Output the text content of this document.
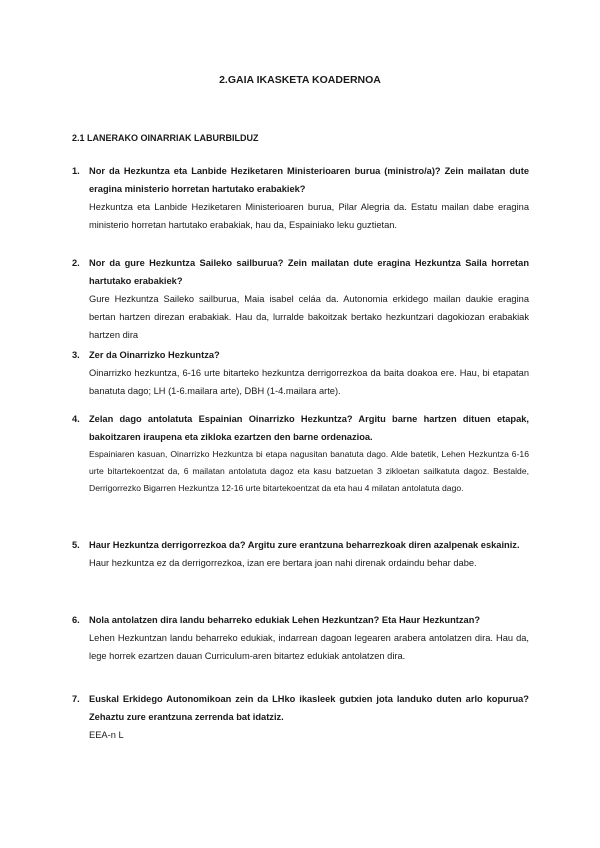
2.GAIA IKASKETA KOADERNOA
2.1 LANERAKO OINARRIAK LABURBILDUZ
1. Nor da Hezkuntza eta Lanbide Heziketaren Ministerioaren burua (ministro/a)? Zein mailatan dute eragina ministerio horretan hartutako erabakiek?
Hezkuntza eta Lanbide Heziketaren Ministerioaren burua, Pilar Alegria da. Estatu mailan dabe eragina ministerio horretan hartutako erabakiak, hau da, Espainiako leku guztietan.
2. Nor da gure Hezkuntza Saileko sailburua? Zein mailatan dute eragina Hezkuntza Saila horretan hartutako erabakiek?
Gure Hezkuntza Saileko sailburua, Maia isabel celáa da. Autonomia erkidego mailan daukie eragina bertan hartzen direzan erabakiak. Hau da, lurralde bakoitzak bertako hezkuntzari dagokiozan erabakiak hartzen dira
3. Zer da Oinarrizko Hezkuntza?
Oinarrizko hezkuntza, 6-16 urte bitarteko hezkuntza derrigorrezkoa da baita doakoa ere. Hau, bi etapatan banatuta dago; LH (1-6.mailara arte), DBH (1-4.mailara arte).
4. Zelan dago antolatuta Espainian Oinarrizko Hezkuntza? Argitu barne hartzen dituen etapak, bakoitzaren iraupena eta zikloka ezartzen den barne ordenazioa.
Espainiaren kasuan, Oinarrizko Hezkuntza bi etapa nagusitan banatuta dago. Alde batetik, Lehen Hezkuntza 6-16 urte bitartekoentzat da, 6 mailatan antolatuta dagoz eta kasu batzuetan 3 zikloetan sailkatuta dagoz. Bestalde, Derrigorrezko Bigarren Hezkuntza 12-16 urte bitartekoentzat da eta hau 4 milatan antolatuta dago.
5. Haur Hezkuntza derrigorrezkoa da? Argitu zure erantzuna beharrezkoak diren azalpenak eskainiz.
Haur hezkuntza ez da derrigorrezkoa, izan ere bertara joan nahi direnak ordaindu behar dabe.
6. Nola antolatzen dira landu beharreko edukiak Lehen Hezkuntzan? Eta Haur Hezkuntzan?
Lehen Hezkuntzan landu beharreko edukiak, indarrean dagoan legearen arabera antolatzen dira. Hau da, lege horrek ezartzen dauan Curriculum-aren bitartez edukiak antolatzen dira.
7. Euskal Erkidego Autonomikoan zein da LHko ikasleek gutxien jota landuko duten arlo kopurua? Zehaztu zure erantzuna zerrenda bat idatziz.
EEA-n L
